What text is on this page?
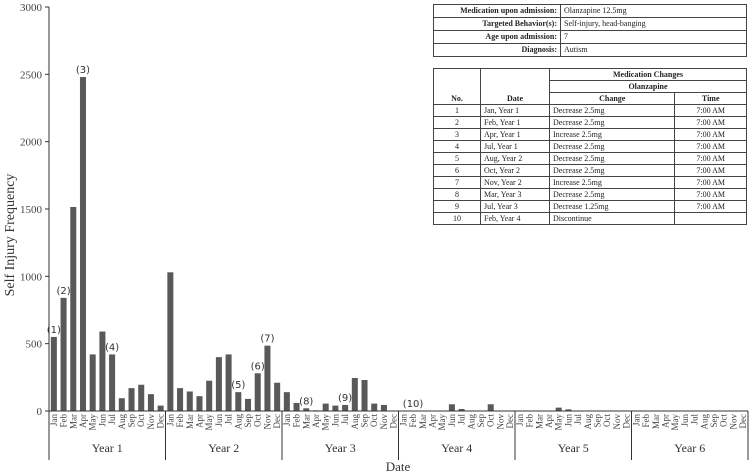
0
500
1000
1500
2000
2500
3000
(1)
(2)
(3)
(4)
(5)
(6)
(7)
(8) (9)
(10)
Year 1
Jan Feb Mar Apr May Jun Jul Aug Sep Oct Nov Dec
Year 2
Jan Feb Mar Apr May Jun Jul Aug Sep Oct Nov Dec
Year 3
Jan Feb Mar Apr May Jun Jul Aug Sep Oct Nov Dec
Year 4
Jan Feb Mar Apr May Jun Jul Aug Sep Oct Nov Dec
Year 5
Jan Feb Mar Apr May Jun Jul Aug Sep Oct Nov Dec
Year 6
Jan Feb Mar Apr May Jun Jul Aug Sep Oct Nov Dec
Self Injury Frequency
Date
Medication upon admission:	Olanzapine 12.5mg
Targeted Behavior(s):	Self-injury, head-banging
Age upon admission:	7
Diagnosis:	Autism
No.	Date	Medication Changes	
		Olanzapine	
		Change	Time
1	Jan, Year 1	Decrease 2.5mg	7:00 AM
2	Feb, Year 1	Decrease 2.5mg	7:00 AM
3	Apr, Year 1	Increase 2.5mg	7:00 AM
4	Jul, Year 1	Decrease 2.5mg	7:00 AM
5	Aug, Year 2	Decrease 2.5mg	7:00 AM
6	Oct, Year 2	Decrease 2.5mg	7:00 AM
7	Nov, Year 2	Increase 2.5mg	7:00 AM
8	Mar, Year 3	Decrease 2.5mg	7:00 AM
9	Jul, Year 3	Decrease 1.25mg	7:00 AM
10	Feb, Year 4	Discontinue	
